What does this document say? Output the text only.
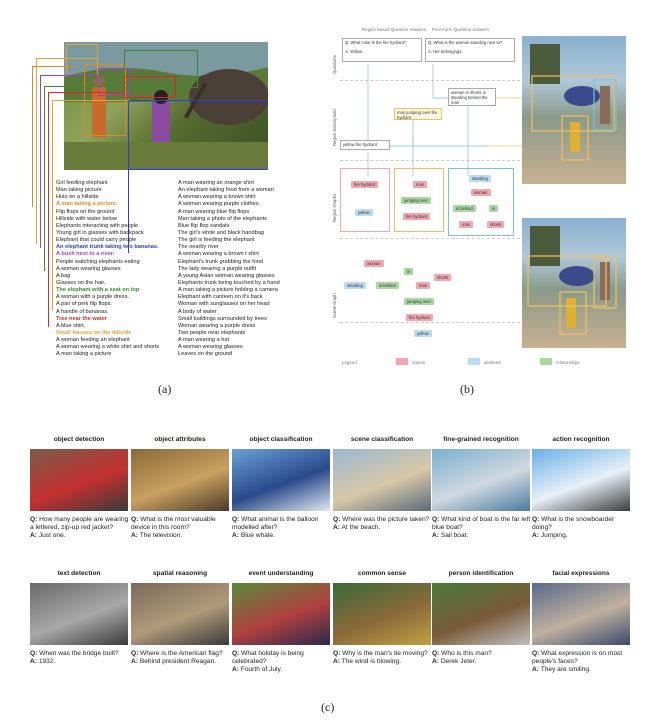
Girl feeding elephant
Man taking picture
Huts on a hillside
A man taking a picture.
Flip flops on the ground
Hillside with water below
Elephants interacting with people
Young girl in glasses with backpack
Elephant that could carry people
An elephant trunk taking two bananas.
A bush next to a river.
People watching elephants eating
A woman wearing glasses
A bag
Glasses on the hair.
The elephant with a seat on top
A woman with a purple dress.
A pair of pink flip flops.
A handle of bananas.
Tree near the water
A blue shirt.
Small houses on the hillside
A woman feeding an elephant
A woman wearing a white shirt and shorts
A man taking a picture
A man wearing an orange shirt
An elephant taking food from a woman
A woman wearing a brown shirt
A woman wearing purple clothes.
A man wearing blue flip flops
Man taking a photo of the elephants
Blue flip flop sandals
The girl's white and black handbag
The girl is feeding the elephant
The nearby river
A woman wearing a brown t shirt
Elephant's trunk grabbing the food
The lady wearing a purple outfit
A young Asian woman wearing glasses
Elephants trunk being touched by a hand
A man taking a picture holding a camera
Elephant with canteen on it's back
Woman with sunglasses on her head
A body of water
Small buildings surrounded by trees
Woman wearing a purple dress
Two people near elephants
A man wearing a hat
A woman wearing glasses
Leaves on the ground
(a)
Region Based Question Answers Free Form Question Answers
Questions
Region Descriptions
Region Graphs
Scene Graph
Q. What color is the fire hydrant?
A. Yellow.
Q. What is the woman standing next to?
A. Her belongings.
man jumping over fire hydrant
woman in shorts is standing behind the man
yellow fire hydrant
fire hydrant
yellow
man
jumping over
fire hydrant
standing
woman
is behind	in
man	shorts
woman
in
shorts
standing	is behind	man
jumping over
fire hydrant
yellow
Legend	objects	attributes	relationships
(b)
object detection
Q: How many people are wearing a lettered, zip-up red jacket?
A: Just one.
object attributes
Q: What is the most valuable device in this room?
A: The television.
object classification
Q: What animal is the balloon modelled after?
A: Blue whale.
scene classification
Q: Where was the picture taken?
A: At the beach.
fine-grained recognition
Q: What kind of boat is the far left blue boat?
A: Sail boat.
action recognition
Q: What is the snowboarder doing?
A: Jumping.
text detection
Q: When was the bridge built?
A: 1932.
spatial reasoning
Q: Where is the American flag?
A: Behind president Reagan.
event understanding
Q: What holiday is being celebrated?
A: Fourth of July.
common sense
Q: Why is the man's tie moving?
A: The wind is blowing.
person identification
Q: Who is this man?
A: Derek Jeter.
facial expressions
Q: What expression is on most people's faces?
A: They are smiling.
(c)
